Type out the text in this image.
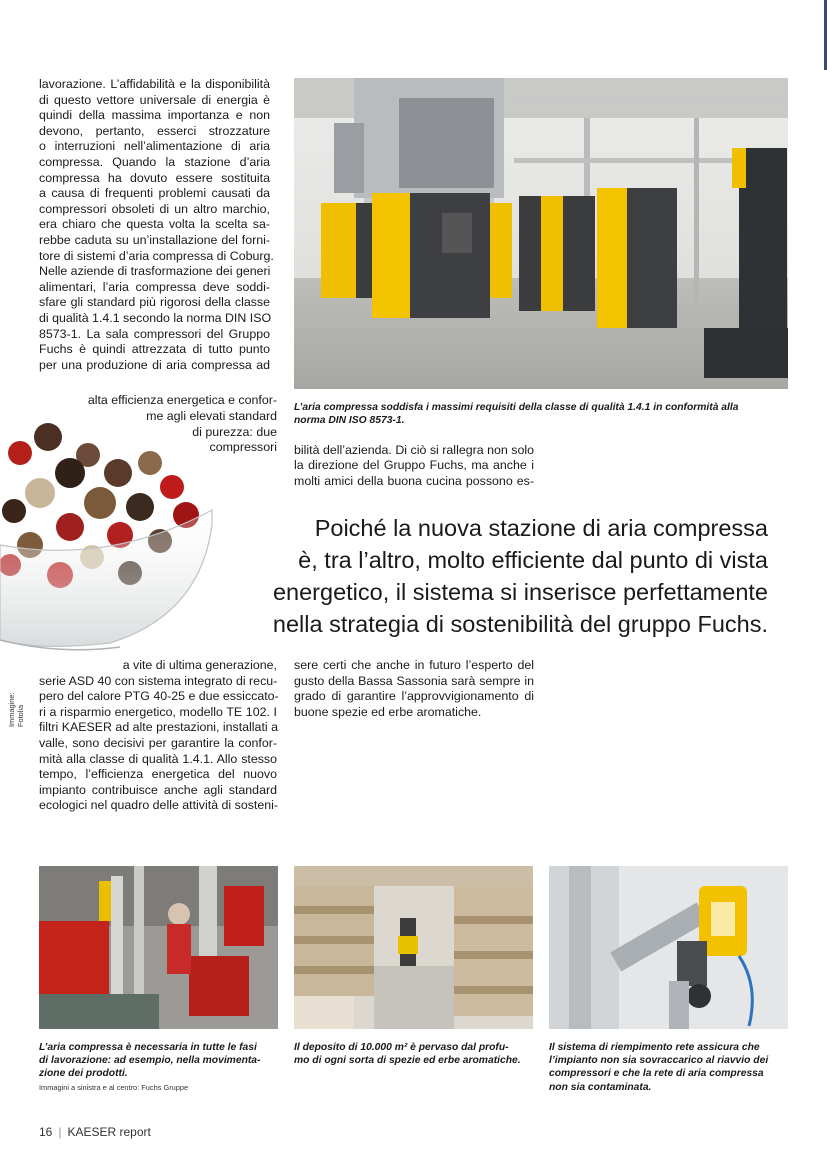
lavorazione. L’affidabilità e la disponibilità
di questo vettore universale di energia è
quindi della massima importanza e non
devono, pertanto, esserci strozzature
o interruzioni nell’alimentazione di aria
compressa. Quando la stazione d’aria
compressa ha dovuto essere sostituita
a causa di frequenti problemi causati da
compressori obsoleti di un altro marchio,
era chiaro che questa volta la scelta sa-
rebbe caduta su un’installazione del forni-
tore di sistemi d’aria compressa di Coburg.
Nelle aziende di trasformazione dei generi
alimentari, l’aria compressa deve soddi-
sfare gli standard più rigorosi della classe
di qualità 1.4.1 secondo la norma DIN ISO
8573-1. La sala compressori del Gruppo
Fuchs è quindi attrezzata di tutto punto
per una produzione di aria compressa ad
alta efficienza energetica e confor-
me agli elevati standard
di purezza: due
compressori
L’aria compressa soddisfa i massimi requisiti della classe di qualità 1.4.1 in conformità alla
norma DIN ISO 8573-1.
bilità dell’azienda. Di ciò si rallegra non solo
la direzione del Gruppo Fuchs, ma anche i
molti amici della buona cucina possono es-
Poiché la nuova stazione di aria compressa
è, tra l’altro, molto efficiente dal punto di vista
energetico, il sistema si inserisce perfettamente
nella strategia di sostenibilità del gruppo Fuchs.
Immagine: Fotolia
a vite di ultima generazione,
serie ASD 40 con sistema integrato di recu-
pero del calore PTG 40-25 e due essiccato-
ri a risparmio energetico, modello TE 102. I
filtri KAESER ad alte prestazioni, installati a
valle, sono decisivi per garantire la confor-
mità alla classe di qualità 1.4.1. Allo stesso
tempo, l’efficienza energetica del nuovo
impianto contribuisce anche agli standard
ecologici nel quadro delle attività di sosteni-
sere certi che anche in futuro l’esperto del
gusto della Bassa Sassonia sarà sempre in
grado di garantire l’approvvigionamento di
buone spezie ed erbe aromatiche.
L’aria compressa è necessaria in tutte le fasi
di lavorazione: ad esempio, nella movimenta-
zione dei prodotti.
Immagini a sinistra e al centro: Fuchs Gruppe
Il deposito di 10.000 m² è pervaso dal profu-
mo di ogni sorta di spezie ed erbe aromatiche.
Il sistema di riempimento rete assicura che
l’impianto non sia sovraccarico al riavvio dei
compressori e che la rete di aria compressa
non sia contaminata.
16 | KAESER report
